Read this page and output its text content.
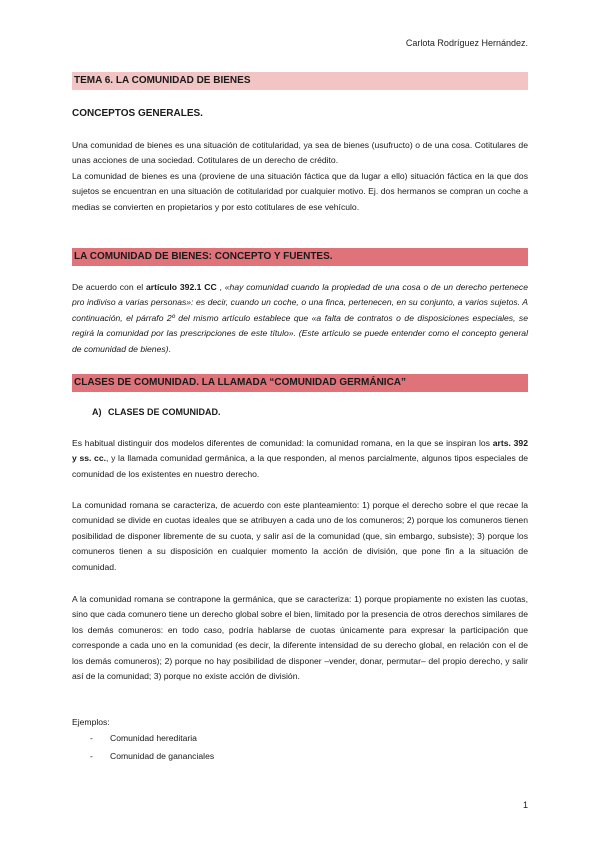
Carlota Rodríguez Hernández.
TEMA 6. LA COMUNIDAD DE BIENES
CONCEPTOS GENERALES.

Una comunidad de bienes es una situación de cotitularidad, ya sea de bienes (usufructo) o de una cosa. Cotitulares de unas acciones de una sociedad. Cotitulares de un derecho de crédito.

La comunidad de bienes es una (proviene de una situación fáctica que da lugar a ello) situación fáctica en la que dos sujetos se encuentran en una situación de cotitularidad por cualquier motivo. Ej. dos hermanos se compran un coche a medias se convierten en propietarios y por esto cotitulares de ese vehículo.

LA COMUNIDAD DE BIENES: CONCEPTO Y FUENTES.

De acuerdo con el artículo 392.1 CC , «hay comunidad cuando la propiedad de una cosa o de un derecho pertenece pro indiviso a varias personas»: es decir, cuando un coche, o una finca, pertenecen, en su conjunto, a varios sujetos. A continuación, el párrafo 2º del mismo artículo establece que «a falta de contratos o de disposiciones especiales, se regirá la comunidad por las prescripciones de este título». (Este artículo se puede entender como el concepto general de comunidad de bienes).

CLASES DE COMUNIDAD. LA LLAMADA “COMUNIDAD GERMÁNICA”
A) CLASES DE COMUNIDAD.

Es habitual distinguir dos modelos diferentes de comunidad: la comunidad romana, en la que se inspiran los arts. 392 y ss. cc., y la llamada comunidad germánica, a la que responden, al menos parcialmente, algunos tipos especiales de comunidad de los existentes en nuestro derecho.

La comunidad romana se caracteriza, de acuerdo con este planteamiento: 1) porque el derecho sobre el que recae la comunidad se divide en cuotas ideales que se atribuyen a cada uno de los comuneros; 2) porque los comuneros tienen posibilidad de disponer libremente de su cuota, y salir así de la comunidad (que, sin embargo, subsiste); 3) porque los comuneros tienen a su disposición en cualquier momento la acción de división, que pone fin a la situación de comunidad.

A la comunidad romana se contrapone la germánica, que se caracteriza: 1) porque propiamente no existen las cuotas, sino que cada comunero tiene un derecho global sobre el bien, limitado por la presencia de otros derechos similares de los demás comuneros: en todo caso, podría hablarse de cuotas únicamente para expresar la participación que corresponde a cada uno en la comunidad (es decir, la diferente intensidad de su derecho global, en relación con el de los demás comuneros); 2) porque no hay posibilidad de disponer –vender, donar, permutar– del propio derecho, y salir así de la comunidad; 3) porque no existe acción de división.

Ejemplos:
- Comunidad hereditaria
- Comunidad de gananciales
1
